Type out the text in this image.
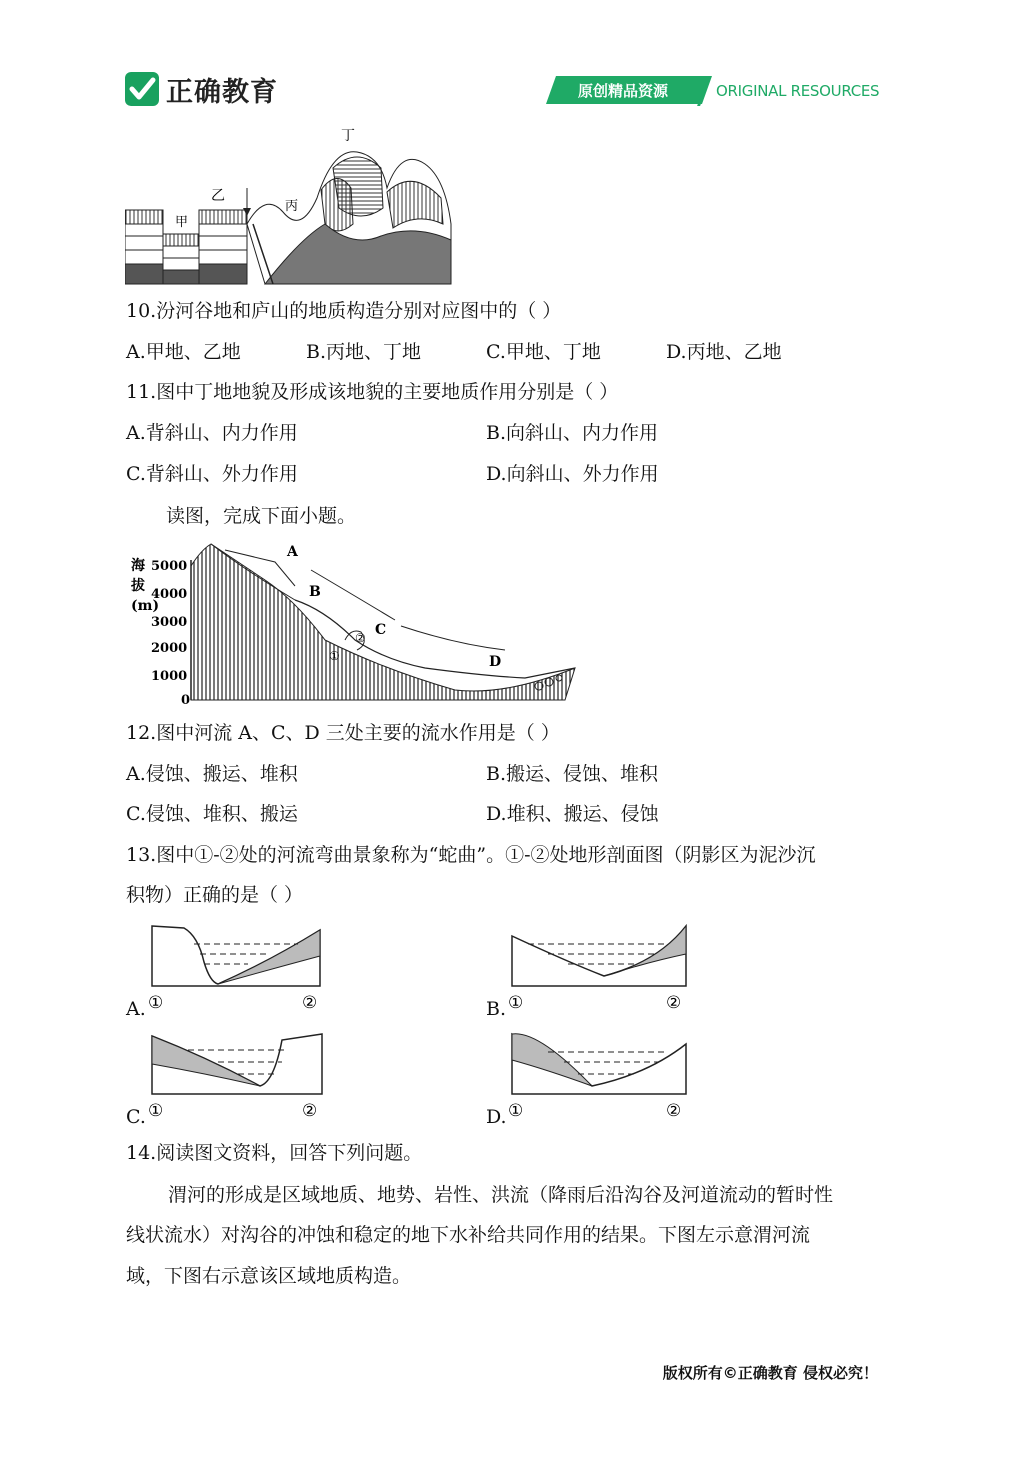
正确教育	原创精品资源	ORIGINAL RESOURCES
丁
乙
甲
丙
10.汾河谷地和庐山的地质构造分别对应图中的（ ）
A.甲地、乙地	B.丙地、丁地	C.甲地、丁地	D.丙地、乙地
11.图中丁地地貌及形成该地貌的主要地质作用分别是（ ）
A.背斜山、内力作用	B.向斜山、内力作用
C.背斜山、外力作用	D.向斜山、外力作用
读图，完成下面小题。
海拔(m)
5000
4000
3000
2000
1000
0
A
B
C
D
①
②
12.图中河流 A、C、D 三处主要的流水作用是（ ）
A.侵蚀、搬运、堆积	B.搬运、侵蚀、堆积
C.侵蚀、堆积、搬运	D.堆积、搬运、侵蚀
13.图中①-②处的河流弯曲景象称为“蛇曲”。①-②处地形剖面图（阴影区为泥沙沉
积物）正确的是（ ）
A. ①	②	B. ①	②
C. ①	②	D. ①	②
14.阅读图文资料，回答下列问题。
渭河的形成是区域地质、地势、岩性、洪流（降雨后沿沟谷及河道流动的暂时性
线状流水）对沟谷的冲蚀和稳定的地下水补给共同作用的结果。下图左示意渭河流
域，下图右示意该区域地质构造。
版权所有©正确教育 侵权必究！
